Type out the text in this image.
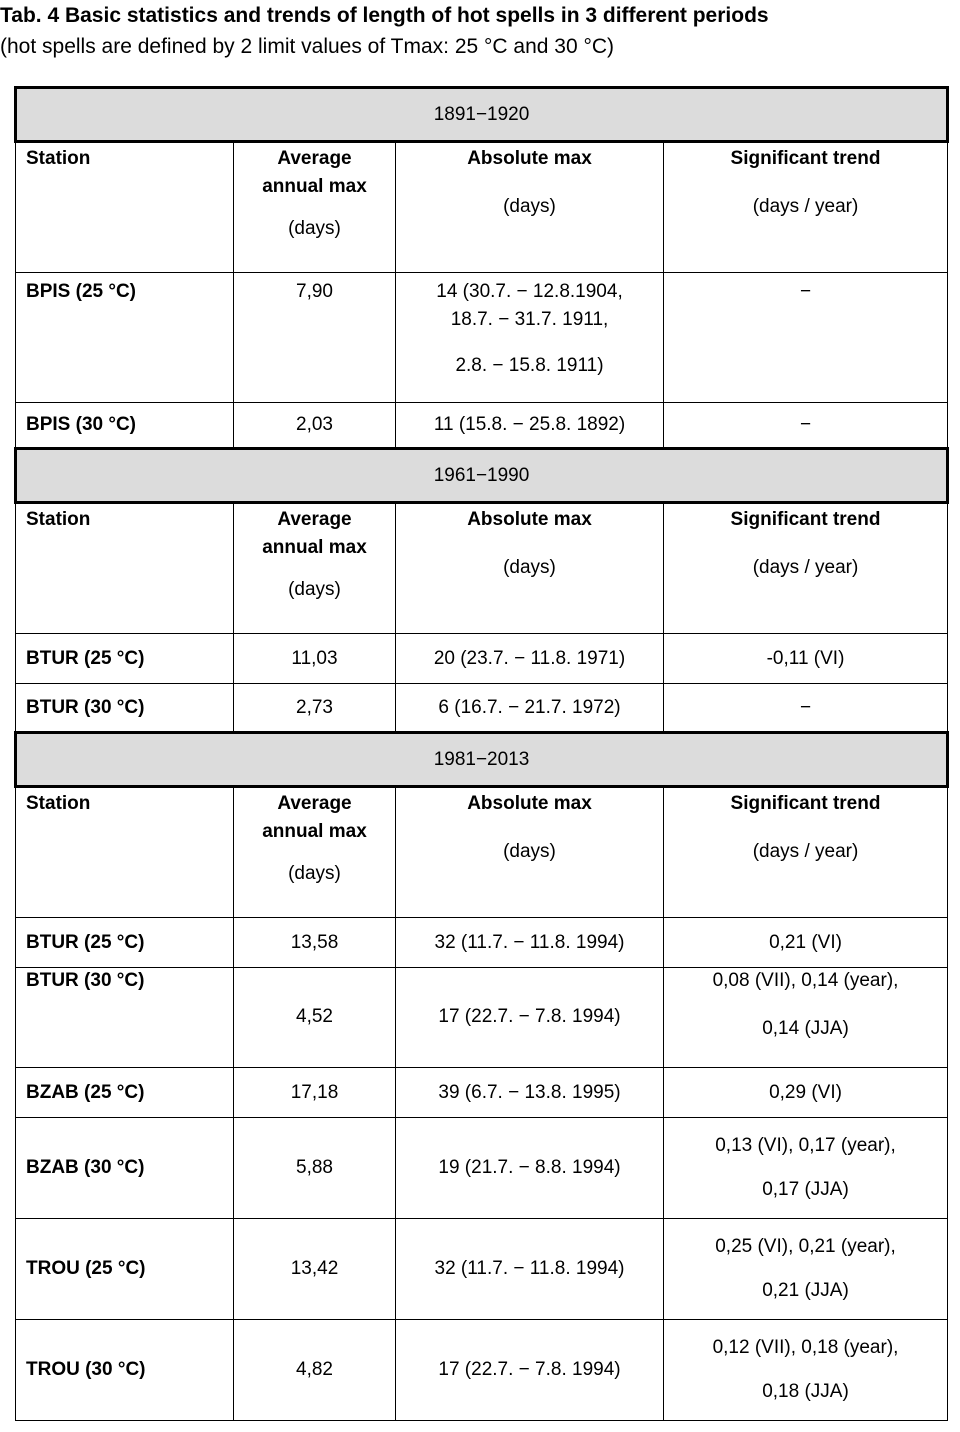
Tab. 4 Basic statistics and trends of length of hot spells in 3 different periods
(hot spells are defined by 2 limit values of Tmax: 25 °C and 30 °C)
1891−1920			

Station	Average
annual max
(days)	Absolute max
(days)	Significant trend
(days / year)

BPIS (25 °C)	7,90	14 (30.7. − 12.8.1904,
18.7. − 31.7. 1911,
2.8. − 15.8. 1911)	−

BPIS (30 °C)	2,03	11 (15.8. − 25.8. 1892)	−

1961−1990			

Station	Average
annual max
(days)	Absolute max
(days)	Significant trend
(days / year)

BTUR (25 °C)	11,03	20 (23.7. − 11.8. 1971)	-0,11 (VI)

BTUR (30 °C)	2,73	6 (16.7. − 21.7. 1972)	−

1981−2013			

Station	Average
annual max
(days)	Absolute max
(days)	Significant trend
(days / year)

BTUR (25 °C)	13,58	32 (11.7. − 11.8. 1994)	0,21 (VI)

BTUR (30 °C)	4,52	17 (22.7. − 7.8. 1994)	0,08 (VII), 0,14 (year),
0,14 (JJA)

BZAB (25 °C)	17,18	39 (6.7. − 13.8. 1995)	0,29 (VI)

BZAB (30 °C)	5,88	19 (21.7. − 8.8. 1994)	0,13 (VI), 0,17 (year),
0,17 (JJA)

TROU (25 °C)	13,42	32 (11.7. − 11.8. 1994)	0,25 (VI), 0,21 (year),
0,21 (JJA)

TROU (30 °C)	4,82	17 (22.7. − 7.8. 1994)	0,12 (VII), 0,18 (year),
0,18 (JJA)
